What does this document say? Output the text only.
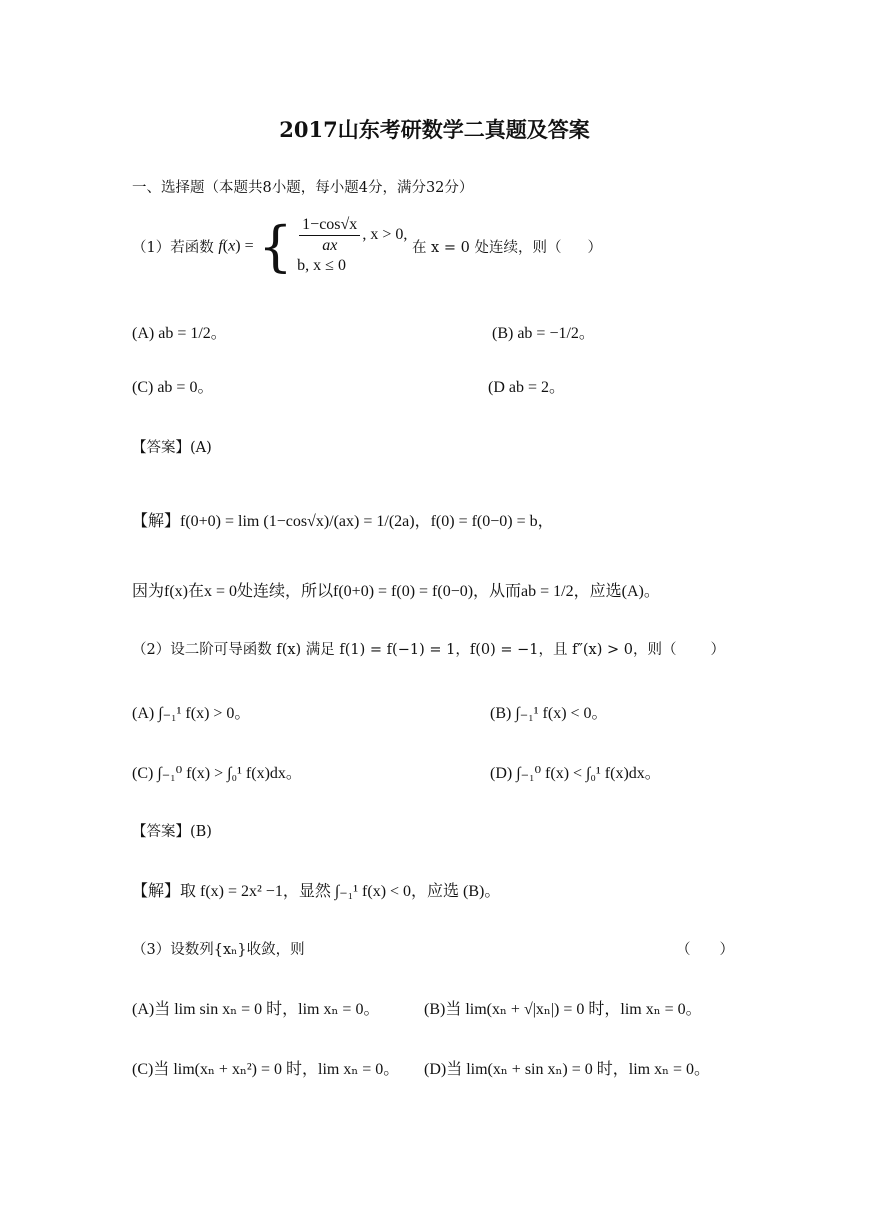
2017山东考研数学二真题及答案
一、选择题（本题共8小题，每小题4分，满分32分）
（1）若函数 f(x) = { $\frac{1-\cos√x}{ax}$ , x > 0,
b, x ≤ 0
在 x = 0 处连续，则（ ）
(A) ab = 1/2。	(B) ab = −1/2。
(C) ab = 0。	(D ab = 2。
【答案】(A)
【解】f(0+0) = lim (1−cos√x)/(ax) = 1/(2a)，f(0) = f(0−0) = b，
因为f(x)在x = 0处连续，所以f(0+0) = f(0) = f(0−0)，从而ab = 1/2，应选(A)。
（2）设二阶可导函数 f(x) 满足 f(1) = f(−1) = 1，f(0) = −1，且 f″(x) > 0，则（ ）
(A) ∫₋₁¹ f(x) > 0。	(B) ∫₋₁¹ f(x) < 0。
(C) ∫₋₁⁰ f(x) > ∫₀¹ f(x)dx。	(D) ∫₋₁⁰ f(x) < ∫₀¹ f(x)dx。
【答案】(B)
【解】取 f(x) = 2x² −1，显然 ∫₋₁¹ f(x) < 0，应选 (B)。
（3）设数列{xₙ}收敛，则	（　　）
(A)当 lim sin xₙ = 0 时，lim xₙ = 0。	(B)当 lim(xₙ + √|xₙ|) = 0 时，lim xₙ = 0。
(C)当 lim(xₙ + xₙ²) = 0 时，lim xₙ = 0。 (D)当 lim(xₙ + sin xₙ) = 0 时，lim xₙ = 0。
